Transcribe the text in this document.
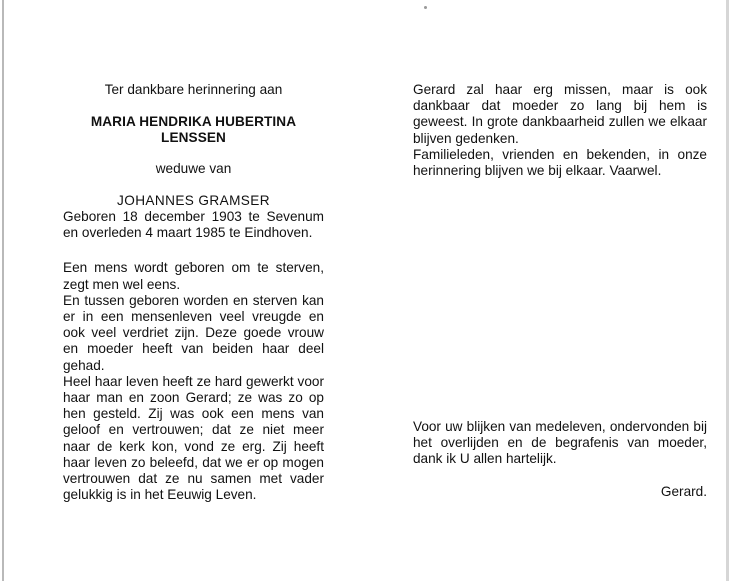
Ter dankbare herinnering aan

MARIA HENDRIKA HUBERTINA
LENSSEN

weduwe van

JOHANNES GRAMSER

Geboren 18 december 1903 te Sevenum en overleden 4 maart 1985 te Eindhoven.

Een mens wordt geboren om te sterven, zegt men wel eens.

En tussen geboren worden en sterven kan er in een mensenleven veel vreugde en ook veel verdriet zijn. Deze goede vrouw en moeder heeft van beiden haar deel gehad.

Heel haar leven heeft ze hard gewerkt voor haar man en zoon Gerard; ze was zo op hen gesteld. Zij was ook een mens van geloof en vertrouwen; dat ze niet meer naar de kerk kon, vond ze erg. Zij heeft haar leven zo beleefd, dat we er op mogen vertrouwen dat ze nu samen met vader gelukkig is in het Eeuwig Leven.

Gerard zal haar erg missen, maar is ook dankbaar dat moeder zo lang bij hem is geweest. In grote dankbaarheid zullen we elkaar blijven gedenken.

Familieleden, vrienden en bekenden, in onze herinnering blijven we bij elkaar. Vaarwel.

Voor uw blijken van medeleven, ondervonden bij het overlijden en de begrafenis van moeder, dank ik U allen hartelijk.

Gerard.
